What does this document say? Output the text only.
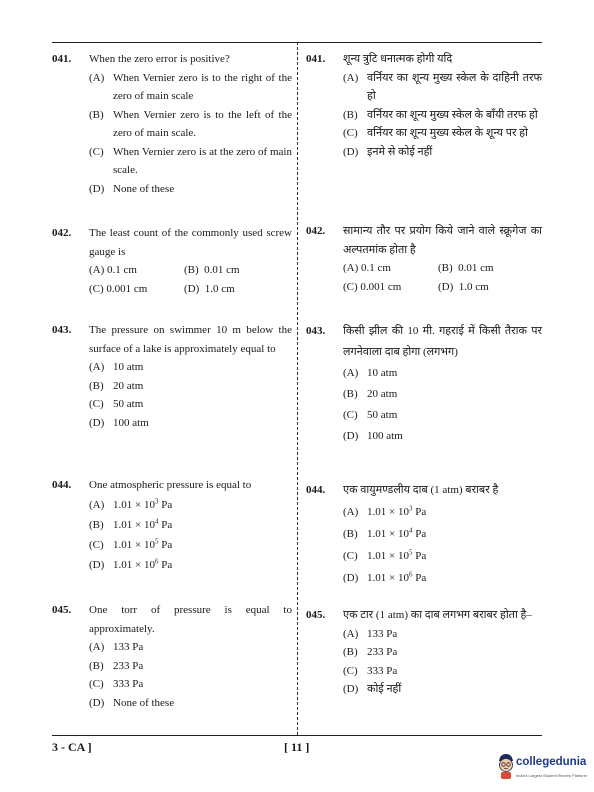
041. When the zero error is positive?
(A) When Vernier zero is to the right of the zero of main scale
(B) When Vernier zero is to the left of the zero of main scale.
(C) When Vernier zero is at the zero of main scale.
(D) None of these
041. शून्य त्रुटि धनात्मक होगी यदि
(A) वर्नियर का शून्य मुख्य स्केल के दाहिनी तरफ हो
(B) वर्नियर का शून्य मुख्य स्केल के बाँयी तरफ हो
(C) वर्नियर का शून्य मुख्य स्केल के शून्य पर हो
(D) इनमे से कोई नहीं
042. The least count of the commonly used screw gauge is
(A) 0.1 cm	(B) 0.01 cm
(C) 0.001 cm	(D) 1.0 cm
042. सामान्य तौर पर प्रयोग किये जाने वाले स्क्रूगेज का अल्पतमांक होता है
(A) 0.1 cm	(B) 0.01 cm
(C) 0.001 cm	(D) 1.0 cm
043. The pressure on swimmer 10 m below the surface of a lake is approximately equal to
(A) 10 atm
(B) 20 atm
(C) 50 atm
(D) 100 atm
043. किसी झील की 10 मी. गहराई में किसी तैराक पर लगनेवाला दाब होगा (लगभग)
(A) 10 atm
(B) 20 atm
(C) 50 atm
(D) 100 atm
044. One atmospheric pressure is equal to
(A) $1.01 \times 10^3$ Pa
(B) $1.01 \times 10^4$ Pa
(C) $1.01 \times 10^5$ Pa
(D) $1.01 \times 10^6$ Pa
044. एक वायुमण्डलीय दाब (1 atm) बराबर है
(A) $1.01 \times 10^3$ Pa
(B) $1.01 \times 10^4$ Pa
(C) $1.01 \times 10^5$ Pa
(D) $1.01 \times 10^6$ Pa
045. One torr of pressure is equal to approximately.
(A) 133 Pa
(B) 233 Pa
(C) 333 Pa
(D) None of these
045. एक टार (1 atm) का दाब लगभग बराबर होता है–
(A) 133 Pa
(B) 233 Pa
(C) 333 Pa
(D) कोई नहीं
3 - CA ]	[ 11 ]
collegedunia
India's Largest Student Review Platform
